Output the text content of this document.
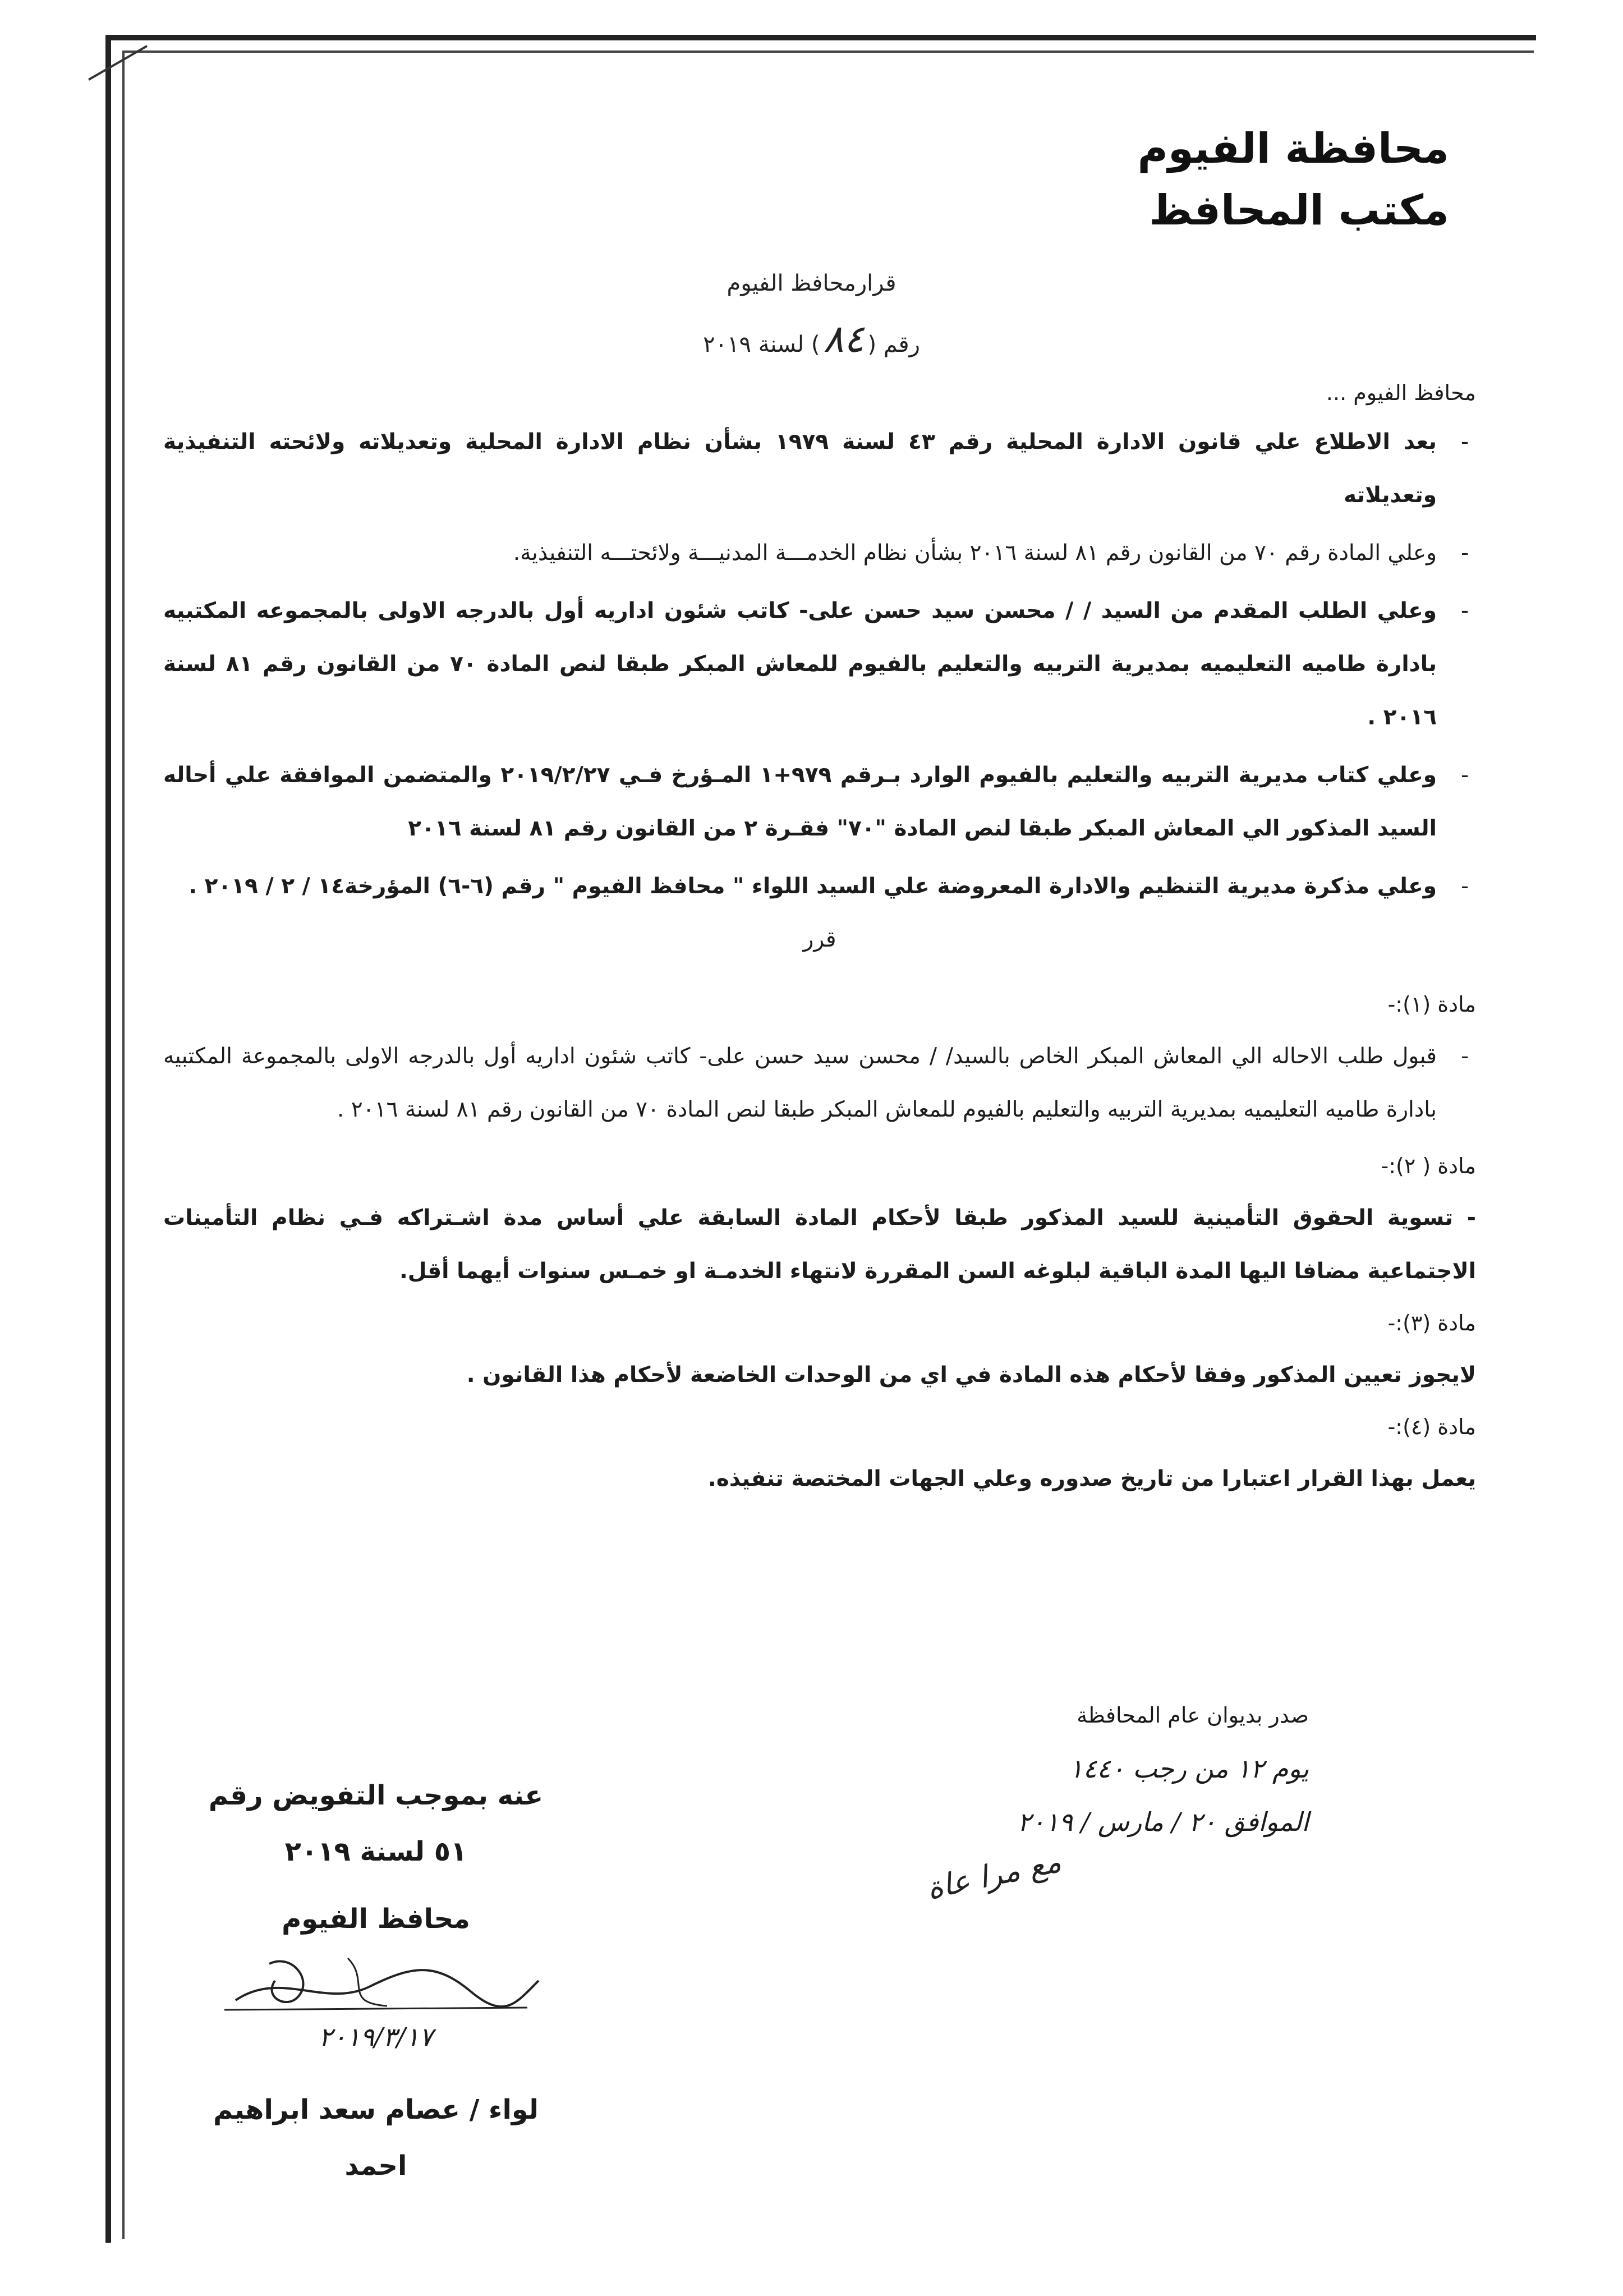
محافظة الفيوم
مكتب المحافظ
قرارمحافظ الفيوم
رقم (٨٤) لسنة ٢٠١٩
محافظ الفيوم ...
-
بعد الاطلاع علي قانون الادارة المحلية رقم ٤٣ لسنة ١٩٧٩ بشأن نظام الادارة المحلية وتعديلاته ولائحته التنفيذية وتعديلاته
-
وعلي المادة رقم ٧٠ من القانون رقم ٨١ لسنة ٢٠١٦ بشأن نظام الخدمـــة المدنيـــة ولائحتـــه التنفيذية.
-
وعلي الطلب المقدم من السيد / / محسن سيد حسن على- كاتب شئون اداريه أول بالدرجه الاولى بالمجموعه المكتبيه بادارة طاميه التعليميه بمديرية التربيه والتعليم بالفيوم للمعاش المبكر طبقا لنص المادة ٧٠ من القانون رقم ٨١ لسنة ٢٠١٦ .
-
وعلي كتاب مديرية التربيه والتعليم بالفيوم الوارد بـرقم ٩٧٩+١ المـؤرخ فـي ٢٠١٩/٢/٢٧ والمتضمن الموافقة علي أحاله السيد المذكور الي المعاش المبكر طبقا لنص المادة "٧٠" فقـرة ٢ من القانون رقم ٨١ لسنة ٢٠١٦
-
وعلي مذكرة مديرية التنظيم والادارة المعروضة علي السيد اللواء " محافظ الفيوم " رقم (٦-٦) المؤرخة١٤ / ٢ / ٢٠١٩ .
قرر
مادة (١):-
-
قبول طلب الاحاله الي المعاش المبكر الخاص بالسيد/ / محسن سيد حسن على- كاتب شئون اداريه أول بالدرجه الاولى بالمجموعة المكتبيه بادارة طاميه التعليميه بمديرية التربيه والتعليم بالفيوم للمعاش المبكر طبقا لنص المادة ٧٠ من القانون رقم ٨١ لسنة ٢٠١٦ .
مادة ( ٢):-
- تسوية الحقوق التأمينية للسيد المذكور طبقا لأحكام المادة السابقة علي أساس مدة اشـتراكه فـي نظام التأمينات الاجتماعية مضافا اليها المدة الباقية لبلوغه السن المقررة لانتهاء الخدمـة او خمـس سنوات أيهما أقل.
مادة (٣):-
لايجوز تعيين المذكور وفقا لأحكام هذه المادة في اي من الوحدات الخاضعة لأحكام هذا القانون .
مادة (٤):-
يعمل بهذا القرار اعتبارا من تاريخ صدوره وعلي الجهات المختصة تنفيذه.
صدر بديوان عام المحافظة
يوم ١٢ من رجب ١٤٤٠
الموافق ٢٠ / مارس / ٢٠١٩
مع مرا عاة
عنه بموجب التفويض رقم ٥١ لسنة ٢٠١٩
محافظ الفيوم
٢٠١٩/٣/١٧
لواء / عصام سعد ابراهيم احمد
